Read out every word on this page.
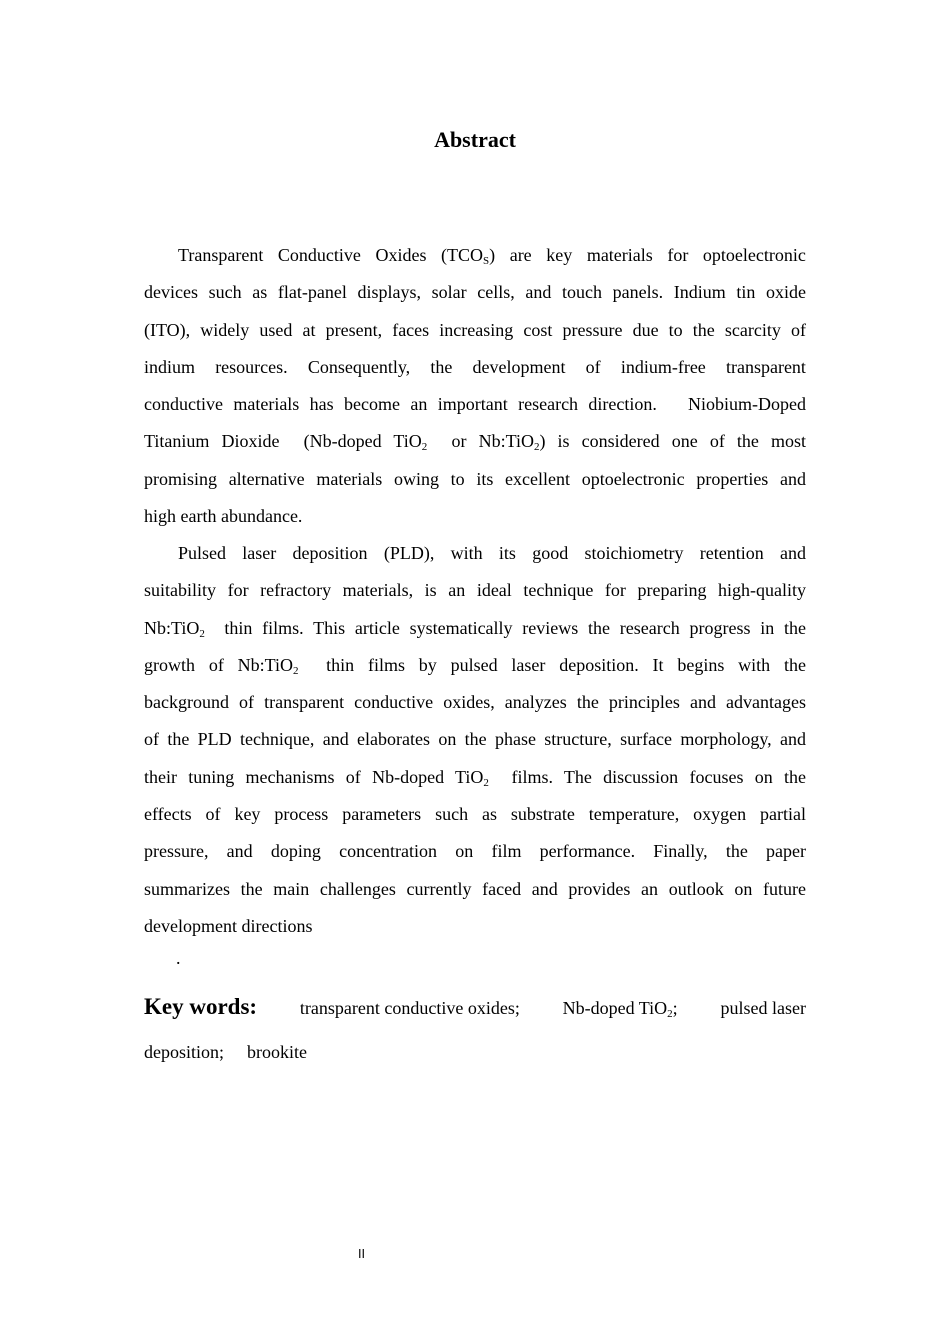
Abstract
Transparent Conductive Oxides $(TCO_S)$ are key materials for optoelectronic
devices such as flat-panel displays, solar cells, and touch panels. Indium tin oxide
(ITO), widely used at present, faces increasing cost pressure due to the scarcity of
indium resources. Consequently, the development of indium-free transparent
conductive materials has become an important research direction.   Niobium-Doped
Titanium Dioxide  (Nb-doped TiO$_2$  or Nb:TiO$_2$) is considered one of the most
promising alternative materials owing to its excellent optoelectronic properties and
high earth abundance.
Pulsed laser deposition (PLD), with its good stoichiometry retention and
suitability for refractory materials, is an ideal technique for preparing high-quality
Nb:TiO$_2$  thin films. This article systematically reviews the research progress in the
growth of Nb:TiO$_2$  thin films by pulsed laser deposition. It begins with the
background of transparent conductive oxides, analyzes the principles and advantages
of the PLD technique, and elaborates on the phase structure, surface morphology, and
their tuning mechanisms of Nb-doped TiO$_2$  films. The discussion focuses on the
effects of key process parameters such as substrate temperature, oxygen partial
pressure, and doping concentration on film performance. Finally, the paper
summarizes the main challenges currently faced and provides an outlook on future
development directions
.
Key words: transparent conductive oxides; Nb-doped TiO$_2$; pulsed laser
deposition; brookite
II
